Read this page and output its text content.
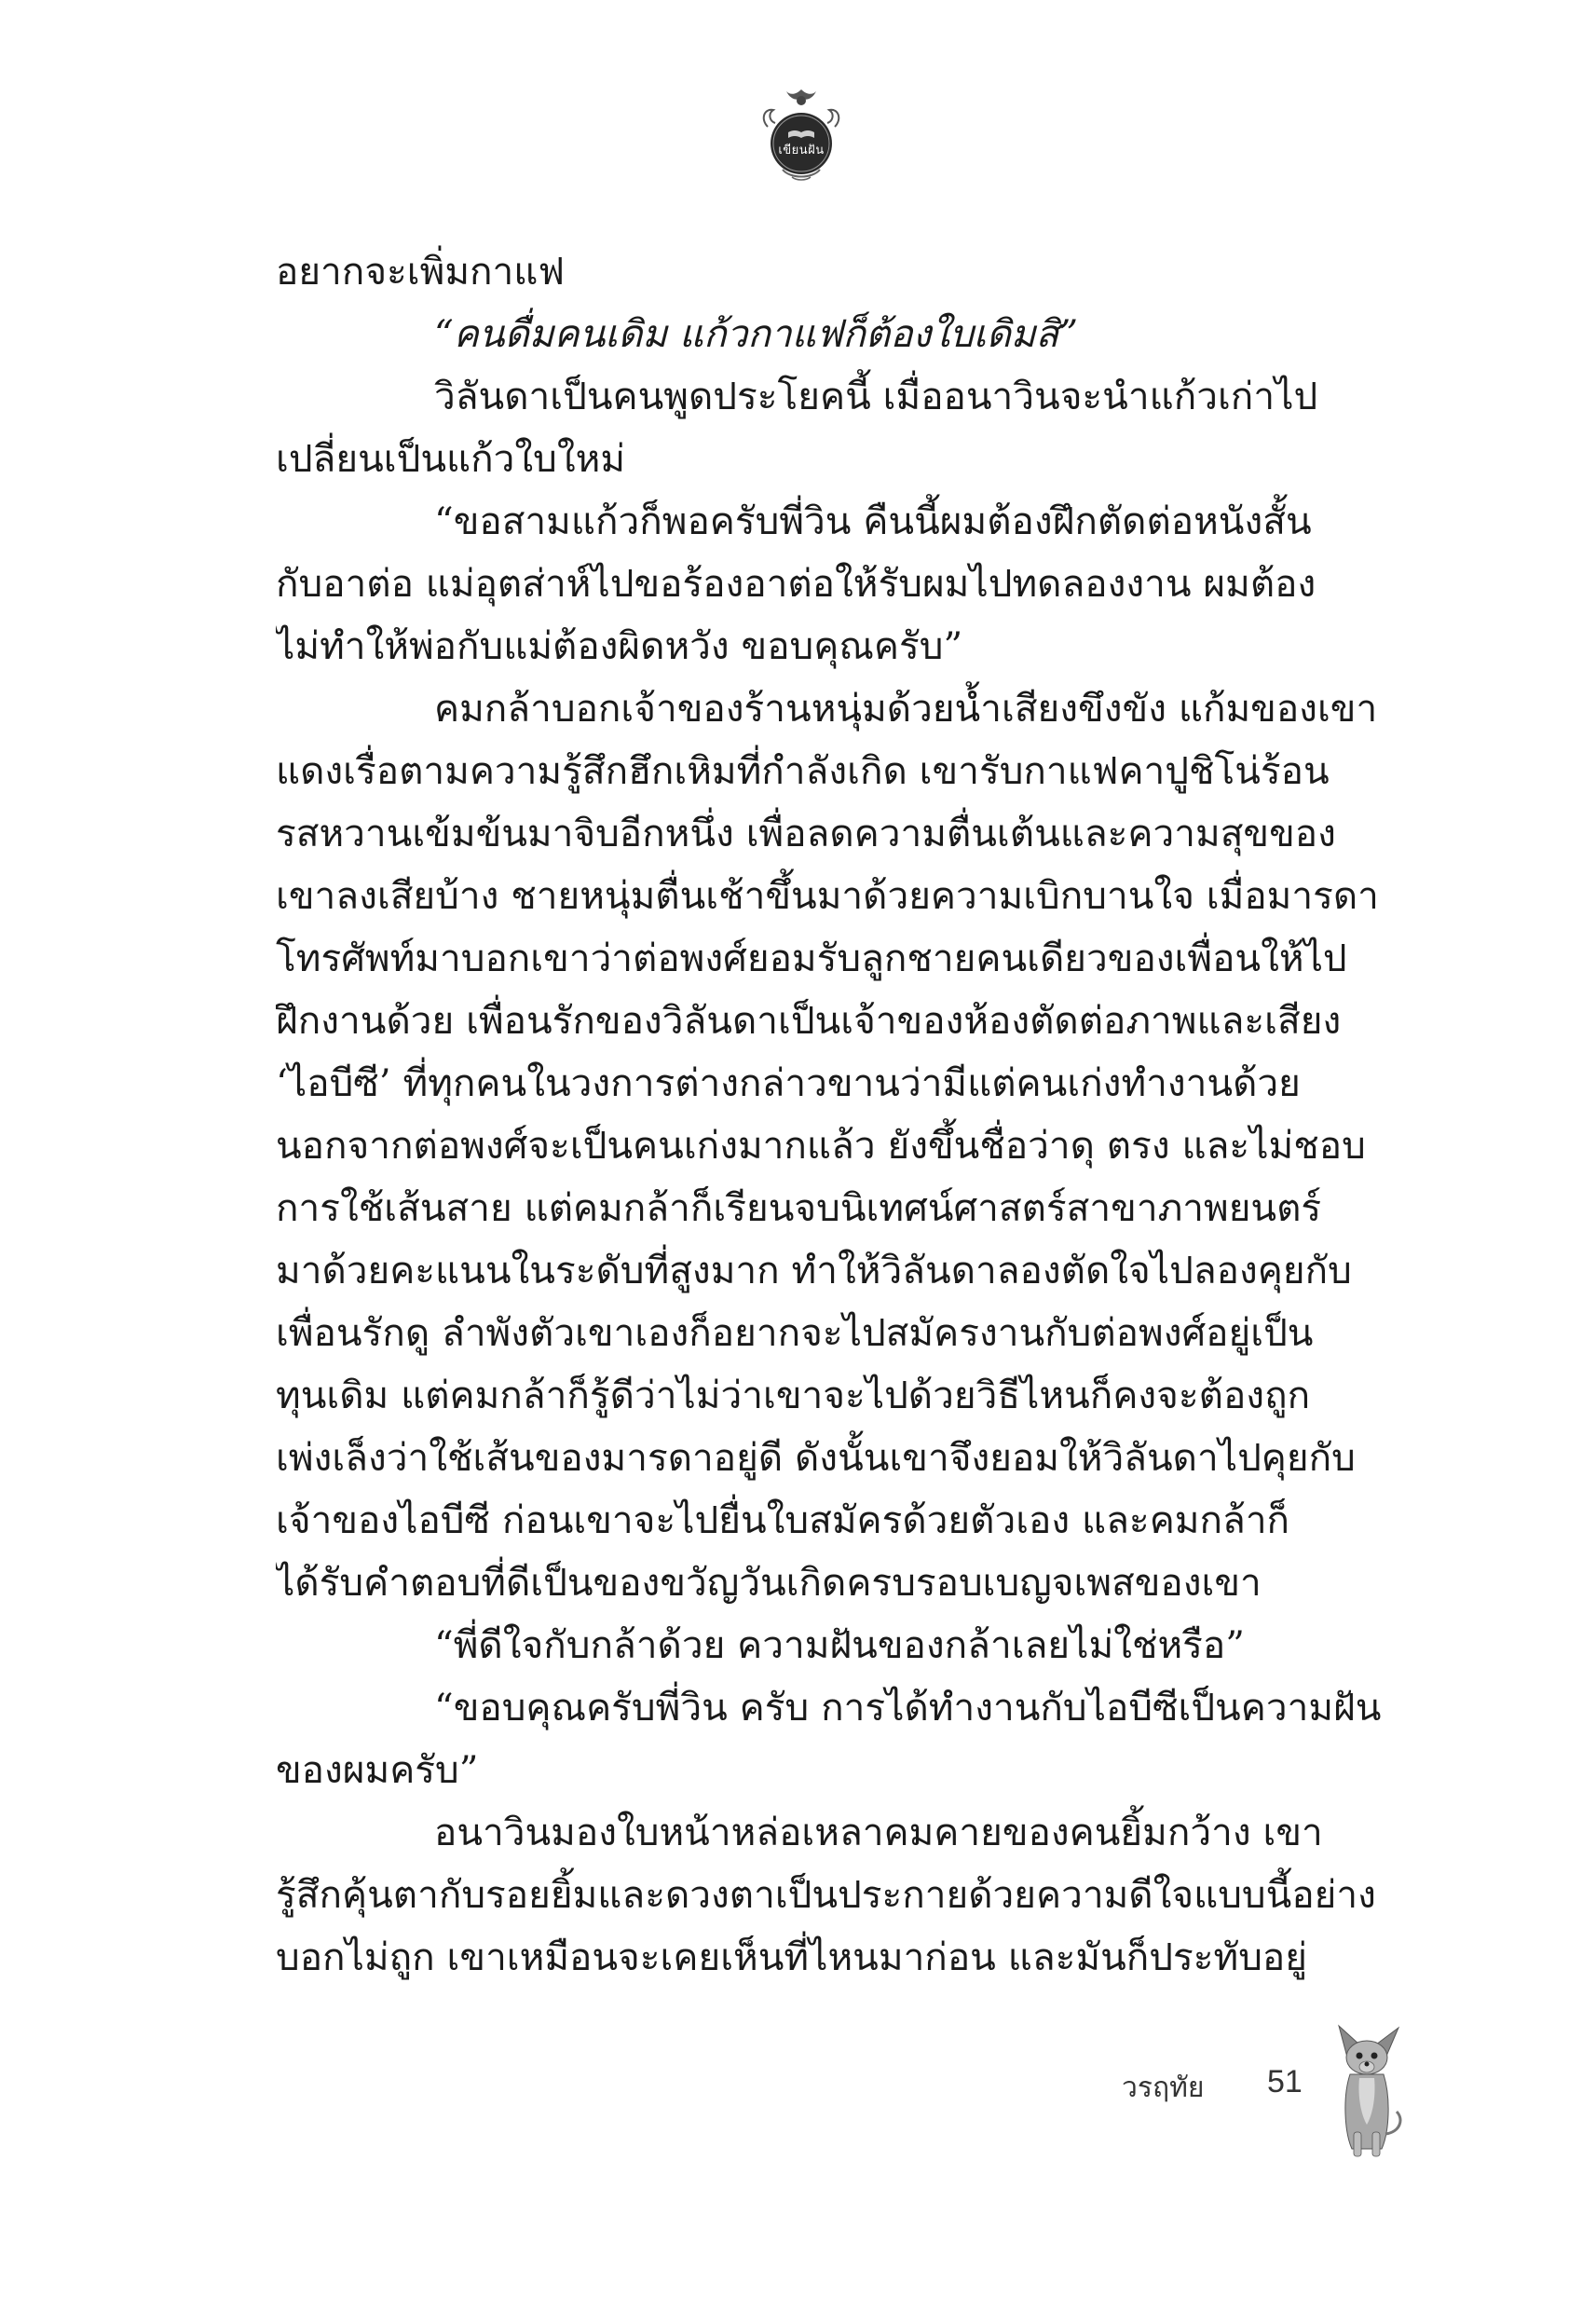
เขียนฝัน
อยากจะเพิ่มกาแฟ
“คนดื่มคนเดิม แก้วกาแฟก็ต้องใบเดิมสิ”
วิลันดาเป็นคนพูดประโยคนี้ เมื่ออนาวินจะนำแก้วเก่าไป
เปลี่ยนเป็นแก้วใบใหม่
“ขอสามแก้วก็พอครับพี่วิน คืนนี้ผมต้องฝึกตัดต่อหนังสั้น
กับอาต่อ แม่อุตส่าห์ไปขอร้องอาต่อให้รับผมไปทดลองงาน ผมต้อง
ไม่ทำให้พ่อกับแม่ต้องผิดหวัง ขอบคุณครับ”
คมกล้าบอกเจ้าของร้านหนุ่มด้วยน้ำเสียงขึงขัง แก้มของเขา
แดงเรื่อตามความรู้สึกฮึกเหิมที่กำลังเกิด เขารับกาแฟคาปูชิโน่ร้อน
รสหวานเข้มข้นมาจิบอีกหนึ่ง เพื่อลดความตื่นเต้นและความสุขของ
เขาลงเสียบ้าง ชายหนุ่มตื่นเช้าขึ้นมาด้วยความเบิกบานใจ เมื่อมารดา
โทรศัพท์มาบอกเขาว่าต่อพงศ์ยอมรับลูกชายคนเดียวของเพื่อนให้ไป
ฝึกงานด้วย เพื่อนรักของวิลันดาเป็นเจ้าของห้องตัดต่อภาพและเสียง
‘ไอบีซี’ ที่ทุกคนในวงการต่างกล่าวขานว่ามีแต่คนเก่งทำงานด้วย
นอกจากต่อพงศ์จะเป็นคนเก่งมากแล้ว ยังขึ้นชื่อว่าดุ ตรง และไม่ชอบ
การใช้เส้นสาย แต่คมกล้าก็เรียนจบนิเทศน์ศาสตร์สาขาภาพยนตร์
มาด้วยคะแนนในระดับที่สูงมาก ทำให้วิลันดาลองตัดใจไปลองคุยกับ
เพื่อนรักดู ลำพังตัวเขาเองก็อยากจะไปสมัครงานกับต่อพงศ์อยู่เป็น
ทุนเดิม แต่คมกล้าก็รู้ดีว่าไม่ว่าเขาจะไปด้วยวิธีไหนก็คงจะต้องถูก
เพ่งเล็งว่าใช้เส้นของมารดาอยู่ดี ดังนั้นเขาจึงยอมให้วิลันดาไปคุยกับ
เจ้าของไอบีซี ก่อนเขาจะไปยื่นใบสมัครด้วยตัวเอง และคมกล้าก็
ได้รับคำตอบที่ดีเป็นของขวัญวันเกิดครบรอบเบญจเพสของเขา
“พี่ดีใจกับกล้าด้วย ความฝันของกล้าเลยไม่ใช่หรือ”
“ขอบคุณครับพี่วิน ครับ การได้ทำงานกับไอบีซีเป็นความฝัน
ของผมครับ”
อนาวินมองใบหน้าหล่อเหลาคมคายของคนยิ้มกว้าง เขา
รู้สึกคุ้นตากับรอยยิ้มและดวงตาเป็นประกายด้วยความดีใจแบบนี้อย่าง
บอกไม่ถูก เขาเหมือนจะเคยเห็นที่ไหนมาก่อน และมันก็ประทับอยู่
วรฤทัย 51
